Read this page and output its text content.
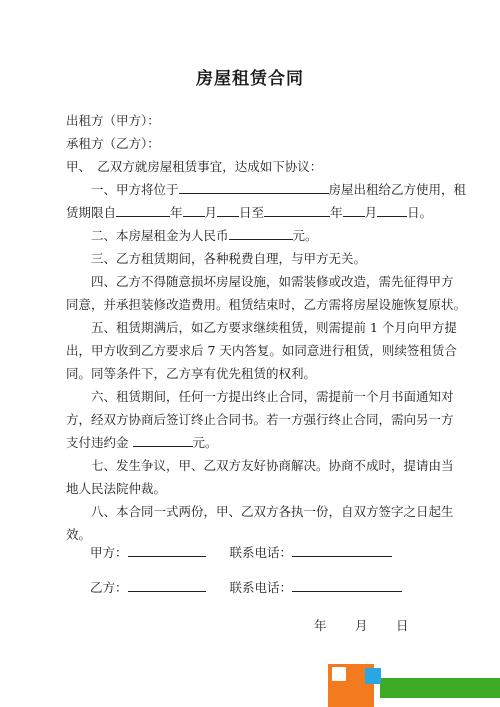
房屋租赁合同
出租方（甲方）：
承租方（乙方）：
甲、　乙双方就房屋租赁事宜，达成如下协议：
一、甲方将位于	房屋出租给乙方使用，租
赁期限自	年 月 日至	年 月 日。
二、本房屋租金为人民币	元。
三、乙方租赁期间，各种税费自理，与甲方无关。
四、乙方不得随意损坏房屋设施，如需装修或改造，需先征得甲方
同意，并承担装修改造费用。租赁结束时，乙方需将房屋设施恢复原状。
五、租赁期满后，如乙方要求继续租赁，则需提前 1 个月向甲方提
出，甲方收到乙方要求后 7 天内答复。如同意进行租赁，则续签租赁合
同。同等条件下，乙方享有优先租赁的权利。
六、租赁期间，任何一方提出终止合同，需提前一个月书面通知对
方，经双方协商后签订终止合同书。若一方强行终止合同，需向另一方
支付违约金	元。
七、发生争议，甲、乙双方友好协商解决。协商不成时，提请由当
地人民法院仲裁。
八、本合同一式两份，甲、乙双方各执一份，自双方签字之日起生
效。
甲方：	联系电话：
乙方：	联系电话：
年 月 日
